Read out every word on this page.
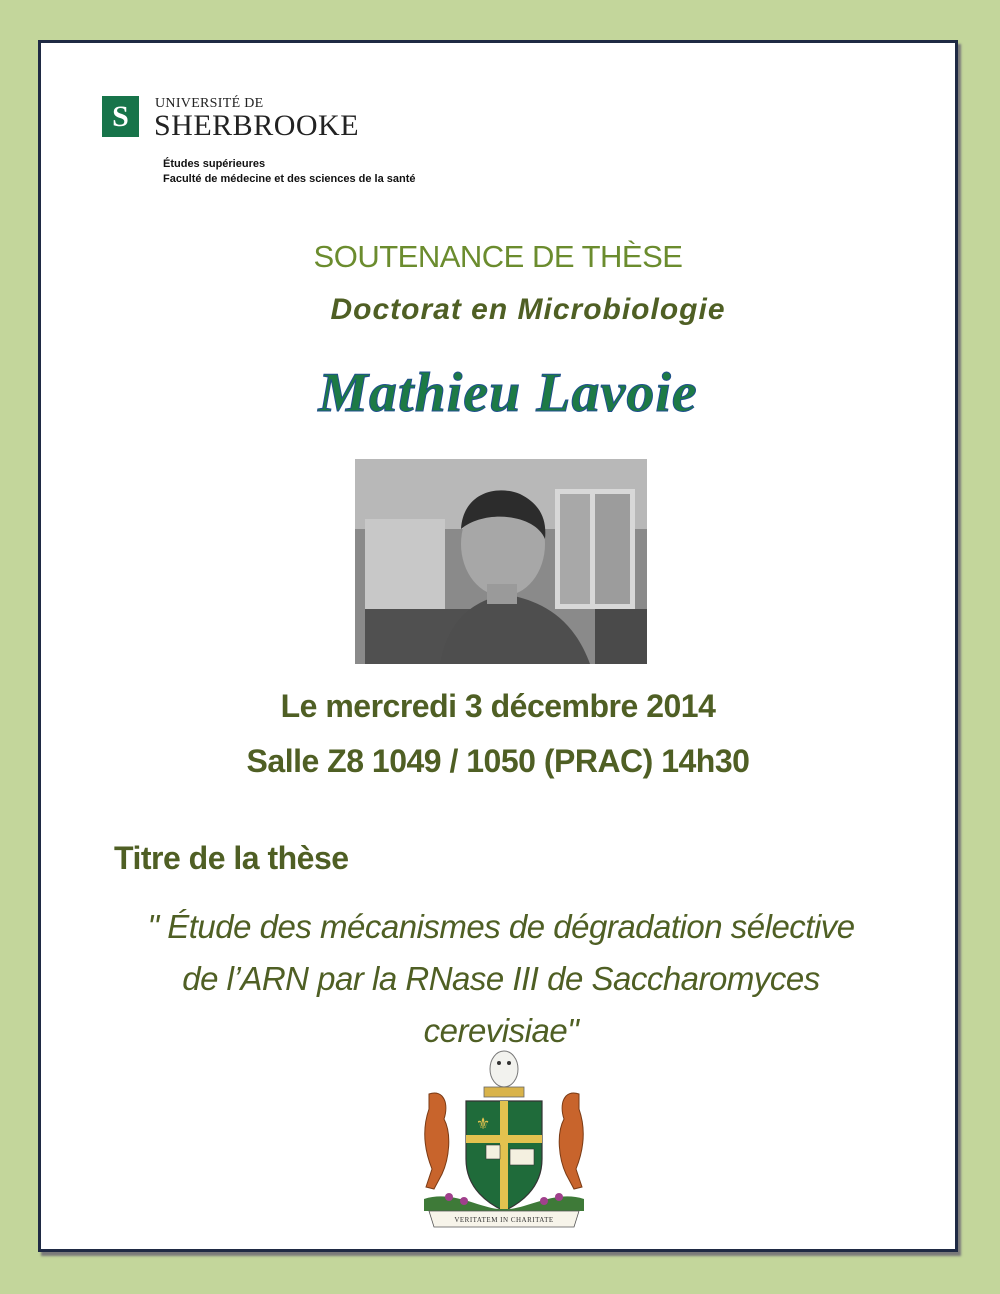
S	UNIVERSITÉ DE
SHERBROOKE
Études supérieures
Faculté de médecine et des sciences de la santé
SOUTENANCE DE THÈSE
Doctorat en Microbiologie
Mathieu Lavoie
Le mercredi 3 décembre 2014
Salle Z8 1049 / 1050 (PRAC) 14h30
Titre de la thèse
" Étude des mécanismes de dégradation sélective
de l’ARN par la RNase III de Saccharomyces
cerevisiae"
⚜
VERITATEM IN CHARITATE
